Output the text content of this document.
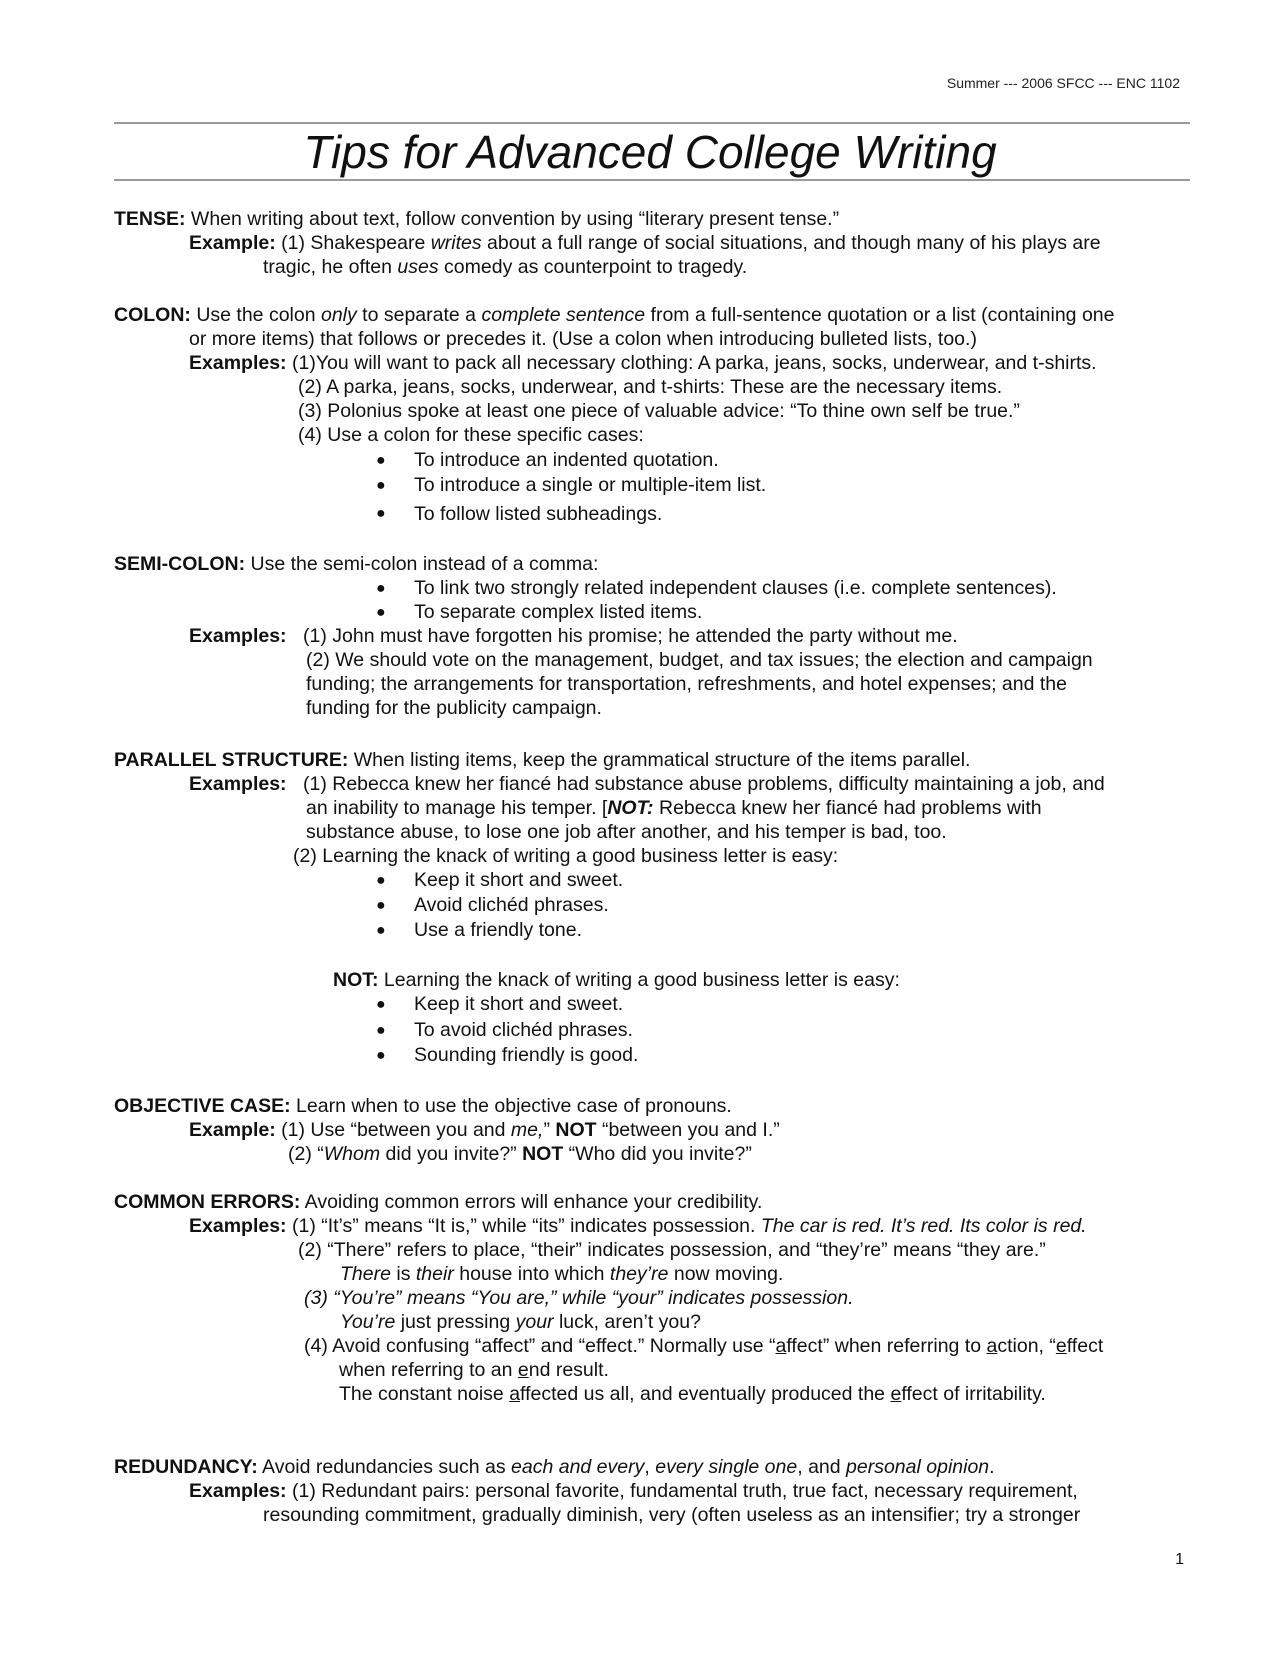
Summer --- 2006 SFCC --- ENC 1102
Tips for Advanced College Writing
TENSE: When writing about text, follow convention by using “literary present tense.”
Example: (1) Shakespeare writes about a full range of social situations, and though many of his plays are
tragic, he often uses comedy as counterpoint to tragedy.
COLON: Use the colon only to separate a complete sentence from a full-sentence quotation or a list (containing one
or more items) that follows or precedes it. (Use a colon when introducing bulleted lists, too.)
Examples: (1)You will want to pack all necessary clothing: A parka, jeans, socks, underwear, and t-shirts.
(2) A parka, jeans, socks, underwear, and t-shirts: These are the necessary items.
(3) Polonius spoke at least one piece of valuable advice: “To thine own self be true.”
(4) Use a colon for these specific cases:
● To introduce an indented quotation.
● To introduce a single or multiple-item list.
● To follow listed subheadings.
SEMI-COLON: Use the semi-colon instead of a comma:
● To link two strongly related independent clauses (i.e. complete sentences).
● To separate complex listed items.
Examples: (1) John must have forgotten his promise; he attended the party without me.
(2) We should vote on the management, budget, and tax issues; the election and campaign
funding; the arrangements for transportation, refreshments, and hotel expenses; and the
funding for the publicity campaign.
PARALLEL STRUCTURE: When listing items, keep the grammatical structure of the items parallel.
Examples: (1) Rebecca knew her fiancé had substance abuse problems, difficulty maintaining a job, and
an inability to manage his temper. [NOT: Rebecca knew her fiancé had problems with
substance abuse, to lose one job after another, and his temper is bad, too.
(2) Learning the knack of writing a good business letter is easy:
● Keep it short and sweet.
● Avoid clichéd phrases.
● Use a friendly tone.
NOT: Learning the knack of writing a good business letter is easy:
● Keep it short and sweet.
● To avoid clichéd phrases.
● Sounding friendly is good.
OBJECTIVE CASE: Learn when to use the objective case of pronouns.
Example: (1) Use “between you and me,” NOT “between you and I.”
(2) “Whom did you invite?” NOT “Who did you invite?”
COMMON ERRORS: Avoiding common errors will enhance your credibility.
Examples: (1) “It’s” means “It is,” while “its” indicates possession. The car is red. It’s red. Its color is red.
(2) “There” refers to place, “their” indicates possession, and “they’re” means “they are.”
There is their house into which they’re now moving.
(3) “You’re” means “You are,” while “your” indicates possession.
You’re just pressing your luck, aren’t you?
(4) Avoid confusing “affect” and “effect.” Normally use “affect” when referring to action, “effect
when referring to an end result.
The constant noise affected us all, and eventually produced the effect of irritability.
REDUNDANCY: Avoid redundancies such as each and every, every single one, and personal opinion.
Examples: (1) Redundant pairs: personal favorite, fundamental truth, true fact, necessary requirement,
resounding commitment, gradually diminish, very (often useless as an intensifier; try a stronger
1
